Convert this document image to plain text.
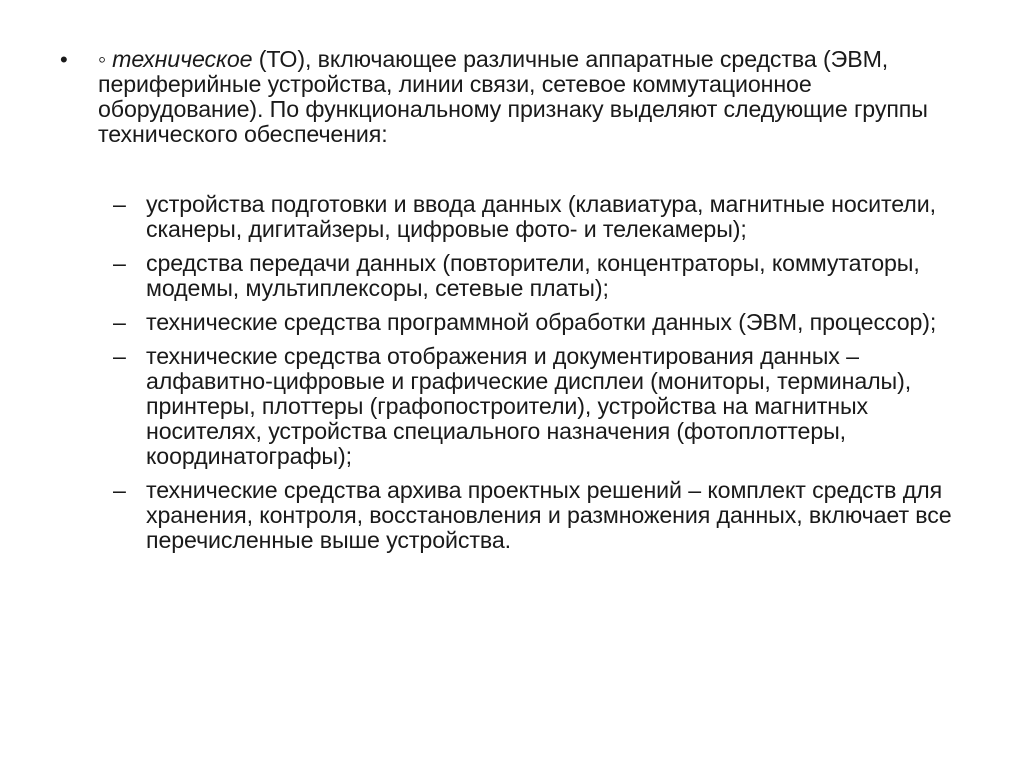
•	◦ техническое (ТО), включающее различные аппаратные средства (ЭВМ, периферийные устройства, линии связи, сетевое коммутационное оборудование). По функциональному признаку выделяют следующие группы технического обеспечения:
– устройства подготовки и ввода данных (клавиатура, магнитные носители, сканеры, дигитайзеры, цифровые фото- и телекамеры);
– средства передачи данных (повторители, концентраторы, коммутаторы, модемы, мультиплексоры, сетевые платы);
– технические средства программной обработки данных (ЭВМ, процессор);
– технические средства отображения и документирования данных – алфавитно-цифровые и графические дисплеи (мониторы, терминалы), принтеры, плоттеры (графопостроители), устройства на магнитных носителях, устройства специального назначения (фотоплоттеры, координатографы);
– технические средства архива проектных решений – комплект средств для хранения, контроля, восстановления и размножения данных, включает все перечисленные выше устройства.
